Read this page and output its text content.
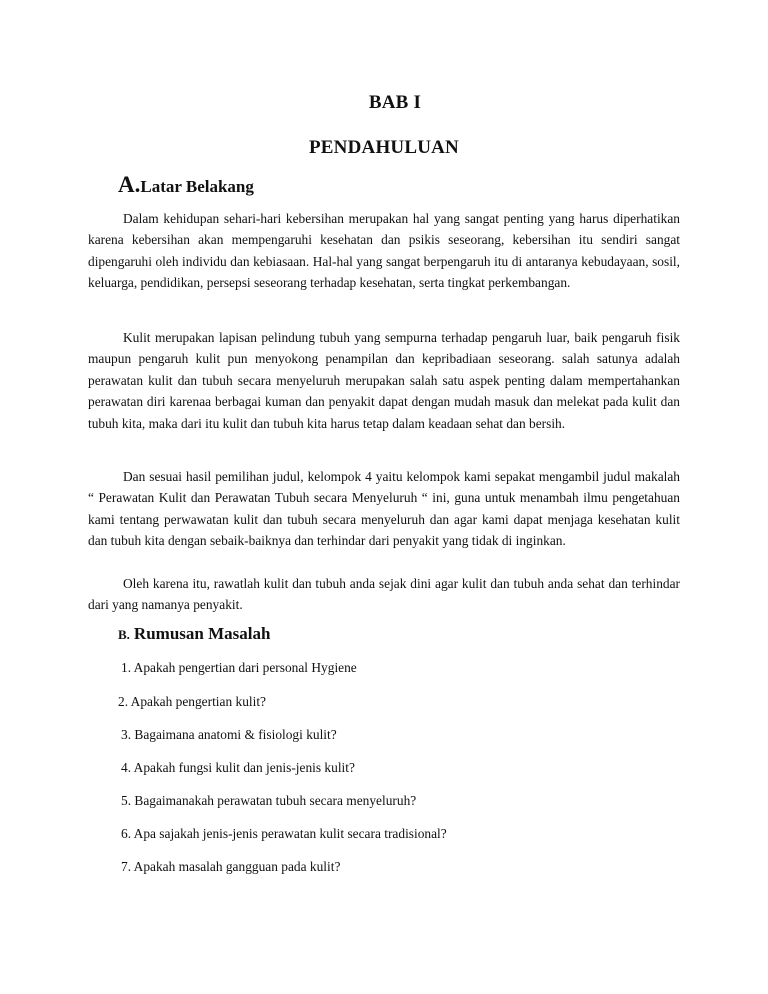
BAB I
PENDAHULUAN
A.Latar Belakang

Dalam kehidupan sehari-hari kebersihan merupakan hal yang sangat penting yang harus diperhatikan karena kebersihan akan mempengaruhi kesehatan dan psikis seseorang, kebersihan itu sendiri sangat dipengaruhi oleh individu dan kebiasaan. Hal-hal yang sangat berpengaruh itu di antaranya kebudayaan, sosil, keluarga, pendidikan, persepsi seseorang terhadap kesehatan, serta tingkat perkembangan.

Kulit merupakan lapisan pelindung tubuh yang sempurna terhadap pengaruh luar, baik pengaruh fisik maupun pengaruh kulit pun menyokong penampilan dan kepribadiaan seseorang. salah satunya adalah perawatan kulit dan tubuh secara menyeluruh merupakan salah satu aspek penting dalam mempertahankan perawatan diri karenaa berbagai kuman dan penyakit dapat dengan mudah masuk dan melekat pada kulit dan tubuh kita, maka dari itu kulit dan tubuh kita harus tetap dalam keadaan sehat dan bersih.

Dan sesuai hasil pemilihan judul, kelompok 4 yaitu kelompok kami sepakat mengambil judul makalah “ Perawatan Kulit dan Perawatan Tubuh secara Menyeluruh “ ini, guna untuk menambah ilmu pengetahuan kami tentang perwawatan kulit dan tubuh secara menyeluruh dan agar kami dapat menjaga kesehatan kulit dan tubuh kita dengan sebaik-baiknya dan terhindar dari penyakit yang tidak di inginkan.

Oleh karena itu, rawatlah kulit dan tubuh anda sejak dini agar kulit dan tubuh anda sehat dan terhindar dari yang namanya penyakit.

B. Rumusan Masalah
1. Apakah pengertian dari personal Hygiene
2. Apakah pengertian kulit?
3. Bagaimana anatomi & fisiologi kulit?
4. Apakah fungsi kulit dan jenis-jenis kulit?
5. Bagaimanakah perawatan tubuh secara menyeluruh?
6. Apa sajakah jenis-jenis perawatan kulit secara tradisional?
7. Apakah masalah gangguan pada kulit?
